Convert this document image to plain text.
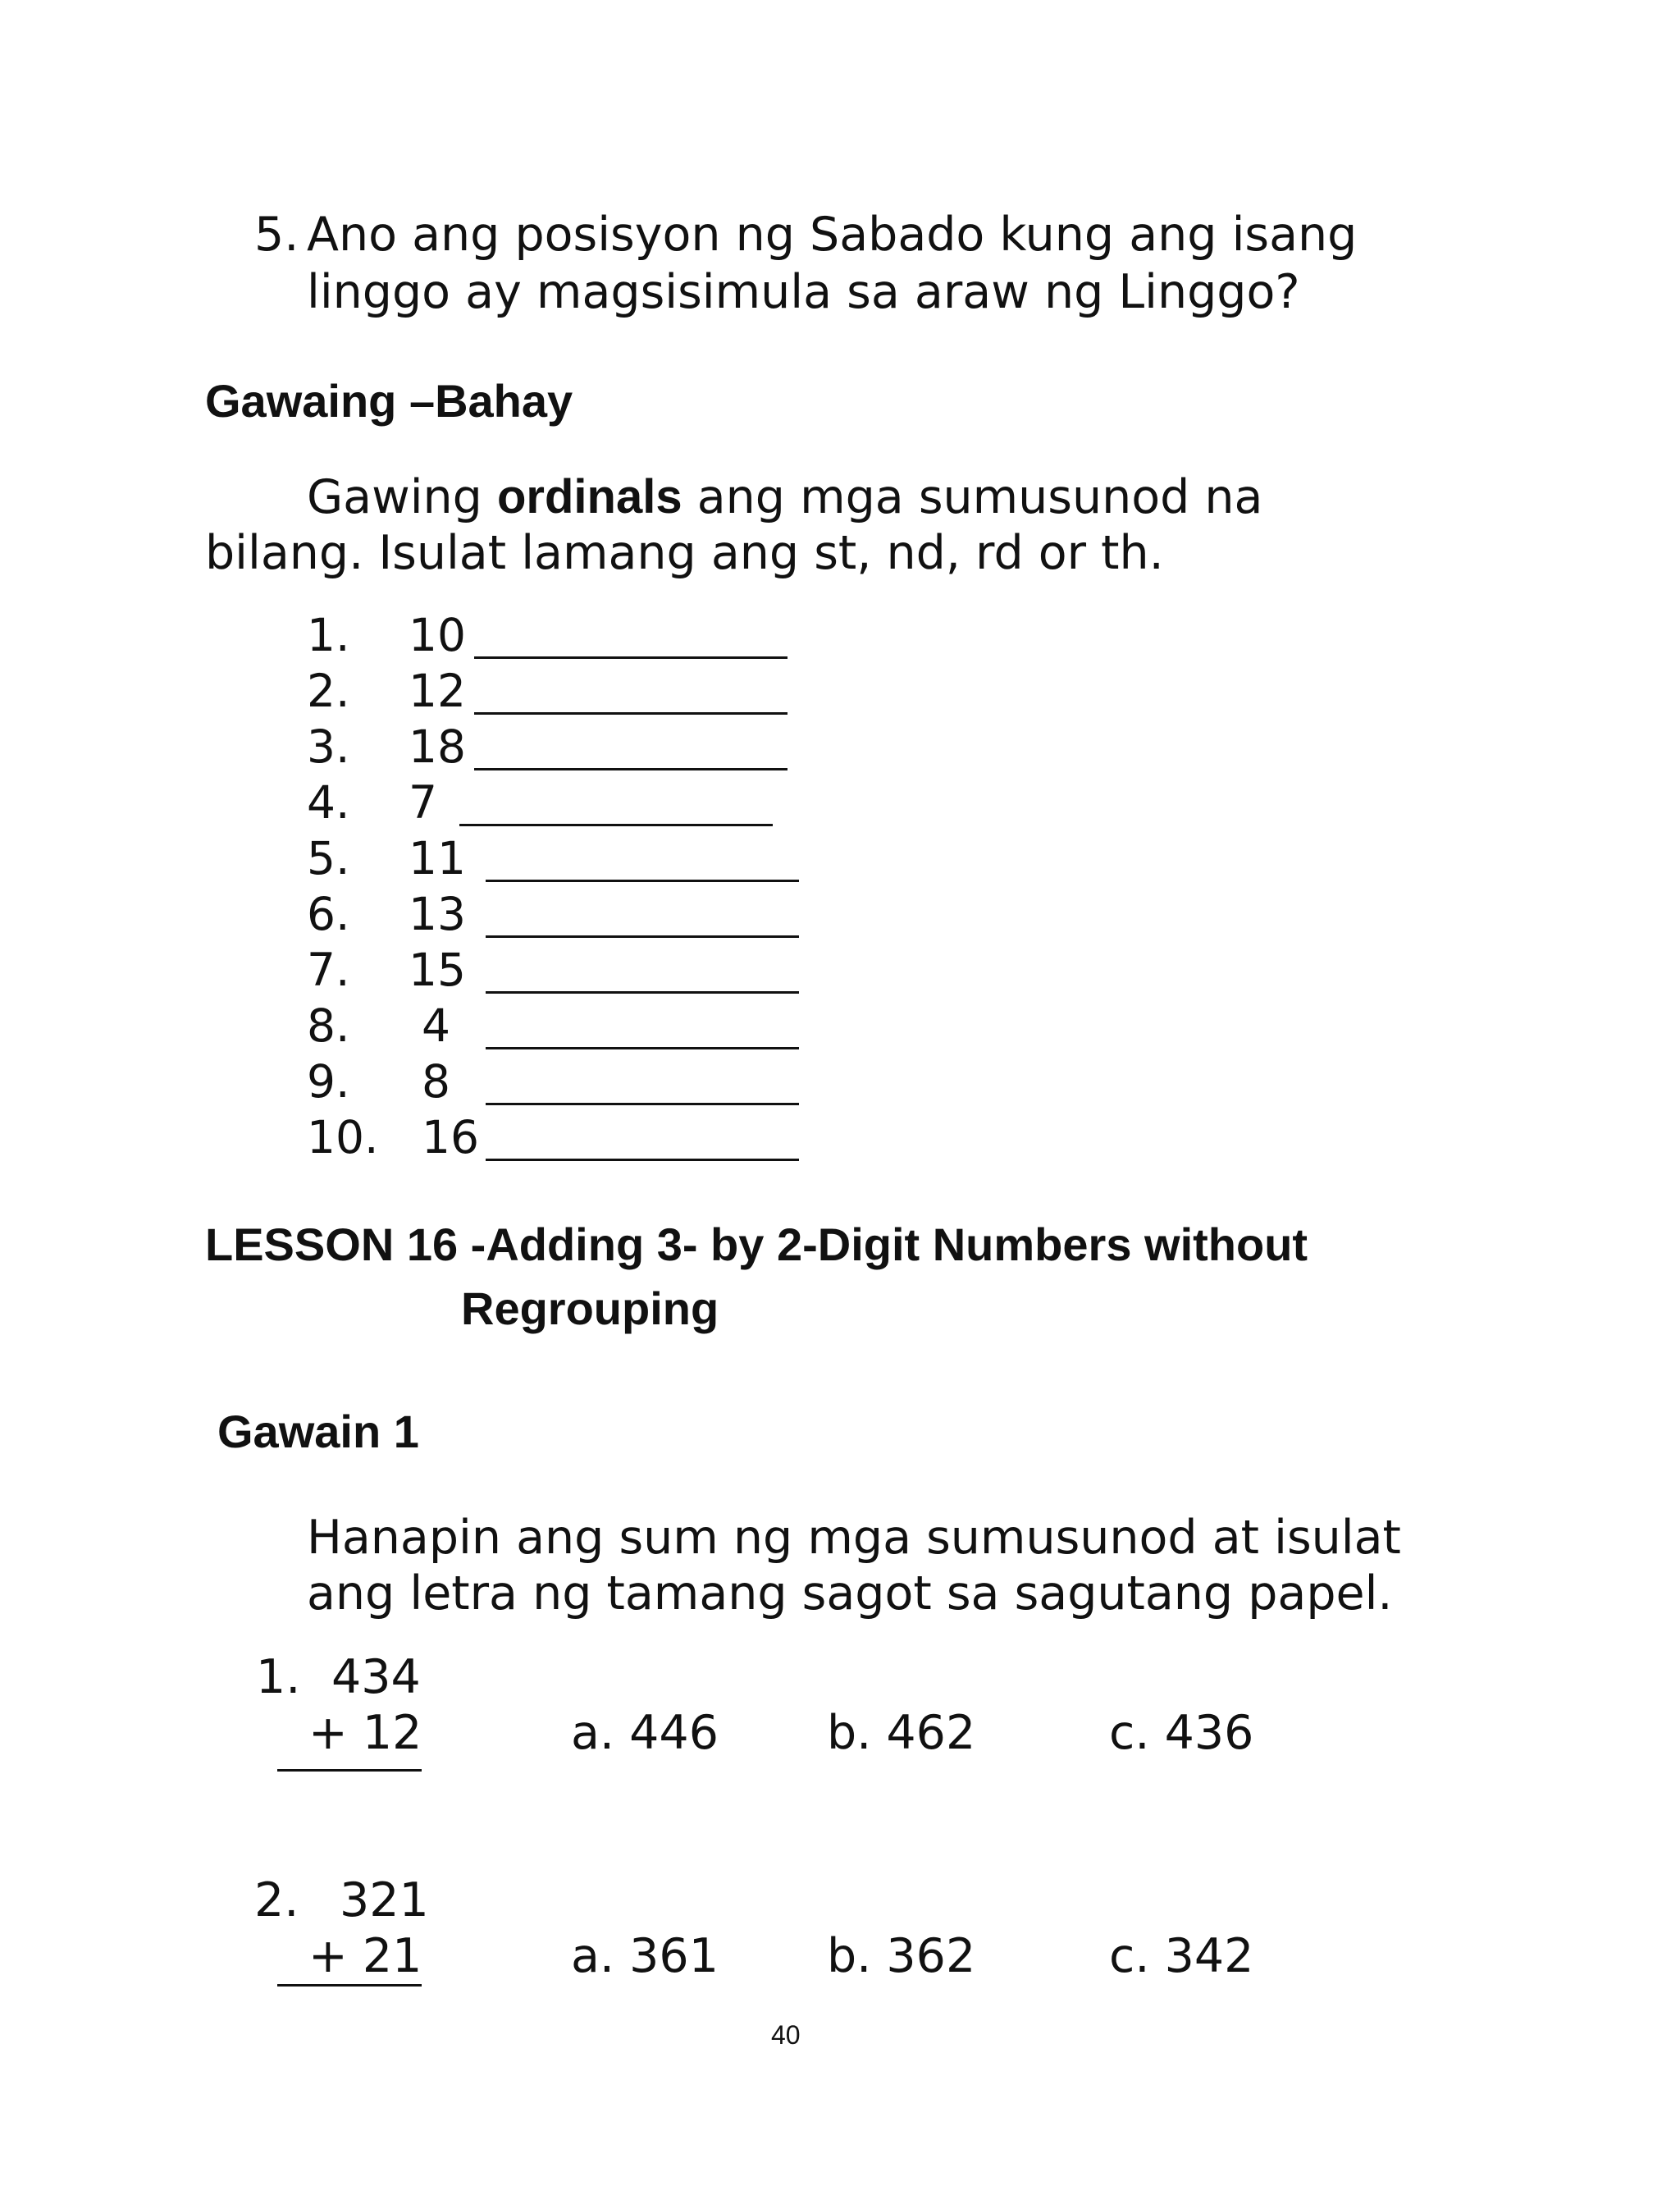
5. Ano ang posisyon ng Sabado kung ang isang
linggo ay magsisimula sa araw ng Linggo?
Gawaing –Bahay
Gawing ordinals ang mga sumusunod na
bilang. Isulat lamang ang st, nd, rd or th.
1. 10
2. 12
3. 18
4. 7
5. 11
6. 13
7. 15
8. 4
9. 8
10. 16
LESSON 16 -Adding 3- by 2-Digit Numbers without
Regrouping
Gawain 1
Hanapin ang sum ng mga sumusunod at isulat
ang letra ng tamang sagot sa sagutang papel.
1. 434
+ 12	a. 446 b. 462	c. 436
2. 321
+ 21	a. 361 b. 362	c. 342
40
